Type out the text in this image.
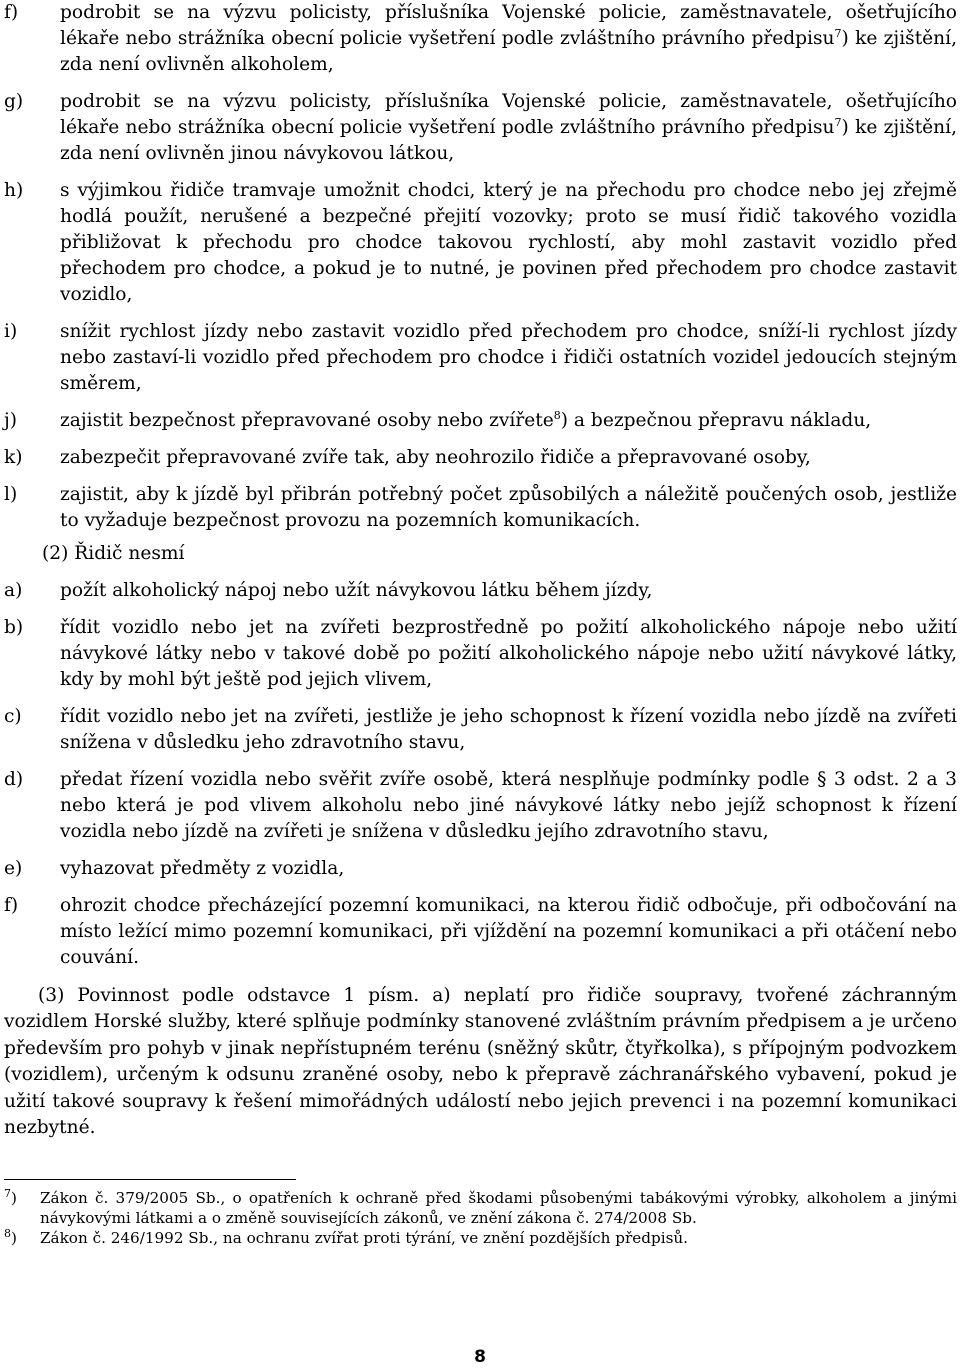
f)	podrobit se na výzvu policisty, příslušníka Vojenské policie, zaměstnavatele, ošetřujícího lékaře nebo strážníka obecní policie vyšetření podle zvláštního právního předpisu$^7$) ke zjištění, zda není ovlivněn alkoholem,
g)	podrobit se na výzvu policisty, příslušníka Vojenské policie, zaměstnavatele, ošetřujícího lékaře nebo strážníka obecní policie vyšetření podle zvláštního právního předpisu$^7$) ke zjištění, zda není ovlivněn jinou návykovou látkou,
h)	s výjimkou řidiče tramvaje umožnit chodci, který je na přechodu pro chodce nebo jej zřejmě hodlá použít, nerušené a bezpečné přejití vozovky; proto se musí řidič takového vozidla přibližovat k přechodu pro chodce takovou rychlostí, aby mohl zastavit vozidlo před přechodem pro chodce, a pokud je to nutné, je povinen před přechodem pro chodce zastavit vozidlo,
i)	snížit rychlost jízdy nebo zastavit vozidlo před přechodem pro chodce, sníží-li rychlost jízdy nebo zastaví-li vozidlo před přechodem pro chodce i řidiči ostatních vozidel jedoucích stejným směrem,
j)	zajistit bezpečnost přepravované osoby nebo zvířete$^8$) a bezpečnou přepravu nákladu,
k)	zabezpečit přepravované zvíře tak, aby neohrozilo řidiče a přepravované osoby,
l)	zajistit, aby k jízdě byl přibrán potřebný počet způsobilých a náležitě poučených osob, jestliže to vyžaduje bezpečnost provozu na pozemních komunikacích.
(2) Řidič nesmí
a)	požít alkoholický nápoj nebo užít návykovou látku během jízdy,
b)	řídit vozidlo nebo jet na zvířeti bezprostředně po požití alkoholického nápoje nebo užití návykové látky nebo v takové době po požití alkoholického nápoje nebo užití návykové látky, kdy by mohl být ještě pod jejich vlivem,
c)	řídit vozidlo nebo jet na zvířeti, jestliže je jeho schopnost k řízení vozidla nebo jízdě na zvířeti snížena v důsledku jeho zdravotního stavu,
d)	předat řízení vozidla nebo svěřit zvíře osobě, která nesplňuje podmínky podle § 3 odst. 2 a 3 nebo která je pod vlivem alkoholu nebo jiné návykové látky nebo jejíž schopnost k řízení vozidla nebo jízdě na zvířeti je snížena v důsledku jejího zdravotního stavu,
e)	vyhazovat předměty z vozidla,
f)	ohrozit chodce přecházející pozemní komunikaci, na kterou řidič odbočuje, při odbočování na místo ležící mimo pozemní komunikaci, při vjíždění na pozemní komunikaci a při otáčení nebo couvání.

(3) Povinnost podle odstavce 1 písm. a) neplatí pro řidiče soupravy, tvořené záchranným vozidlem Horské služby, které splňuje podmínky stanovené zvláštním právním předpisem a je určeno především pro pohyb v jinak nepřístupném terénu (sněžný skůtr, čtyřkolka), s přípojným podvozkem (vozidlem), určeným k odsunu zraněné osoby, nebo k přepravě záchranářského vybavení, pokud je užití takové soupravy k řešení mimořádných událostí nebo jejich prevenci i na pozemní komunikaci nezbytné.

$^7$)	Zákon č. 379/2005 Sb., o opatřeních k ochraně před škodami působenými tabákovými výrobky, alkoholem a jinými návykovými látkami a o změně souvisejících zákonů, ve znění zákona č. 274/2008 Sb.
$^8$)	Zákon č. 246/1992 Sb., na ochranu zvířat proti týrání, ve znění pozdějších předpisů.
8
